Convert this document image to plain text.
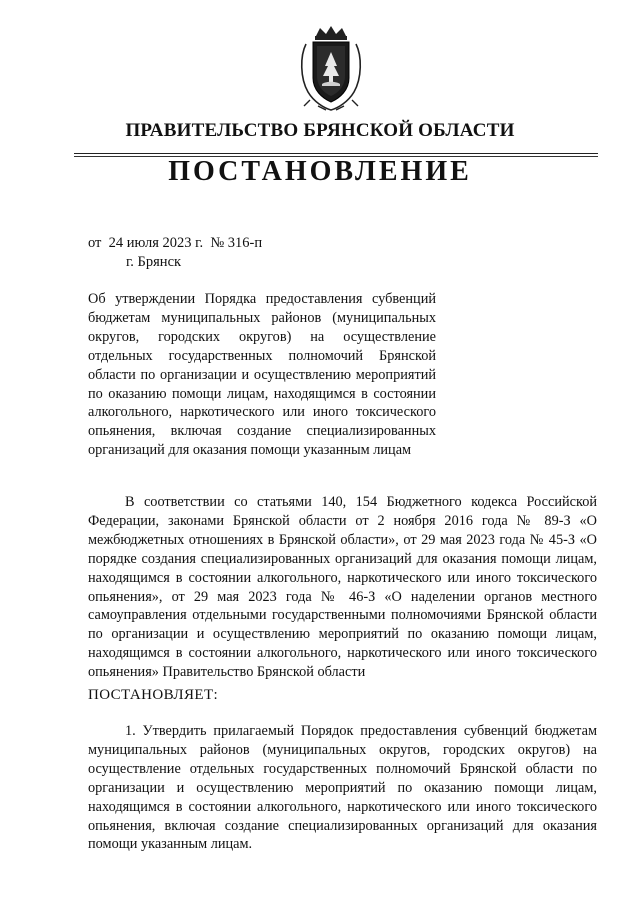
ПРАВИТЕЛЬСТВО БРЯНСКОЙ ОБЛАСТИ
ПОСТАНОВЛЕНИЕ
от  24 июля 2023 г.  № 316-п
г. Брянск
Об утверждении Порядка предоставления субвенций бюджетам муниципальных районов (муниципальных округов, городских округов) на осуществление отдельных государственных полномочий Брянской области по организации и осуществлению мероприятий по оказанию помощи лицам, находящимся в состоянии алкогольного, наркотического или иного токсического опьянения, включая создание специализированных организаций для оказания помощи указанным лицам
В соответствии со статьями 140, 154 Бюджетного кодекса Российской Федерации, законами Брянской области от 2 ноября 2016 года № 89-З «О межбюджетных отношениях в Брянской области», от 29 мая 2023 года № 45-З «О порядке создания специализированных организаций для оказания помощи лицам, находящимся в состоянии алкогольного, наркотического или иного токсического опьянения», от 29 мая 2023 года № 46-З «О наделении органов местного самоуправления отдельными государственными полномочиями Брянской области по организации и осуществлению мероприятий по оказанию помощи лицам, находящимся в состоянии алкогольного, наркотического или иного токсического опьянения» Правительство Брянской области
ПОСТАНОВЛЯЕТ:
1. Утвердить прилагаемый Порядок предоставления субвенций бюджетам муниципальных районов (муниципальных округов, городских округов) на осуществление отдельных государственных полномочий Брянской области по организации и осуществлению мероприятий по оказанию помощи лицам, находящимся в состоянии алкогольного, наркотического или иного токсического опьянения, включая создание специализированных организаций для оказания помощи указанным лицам.
